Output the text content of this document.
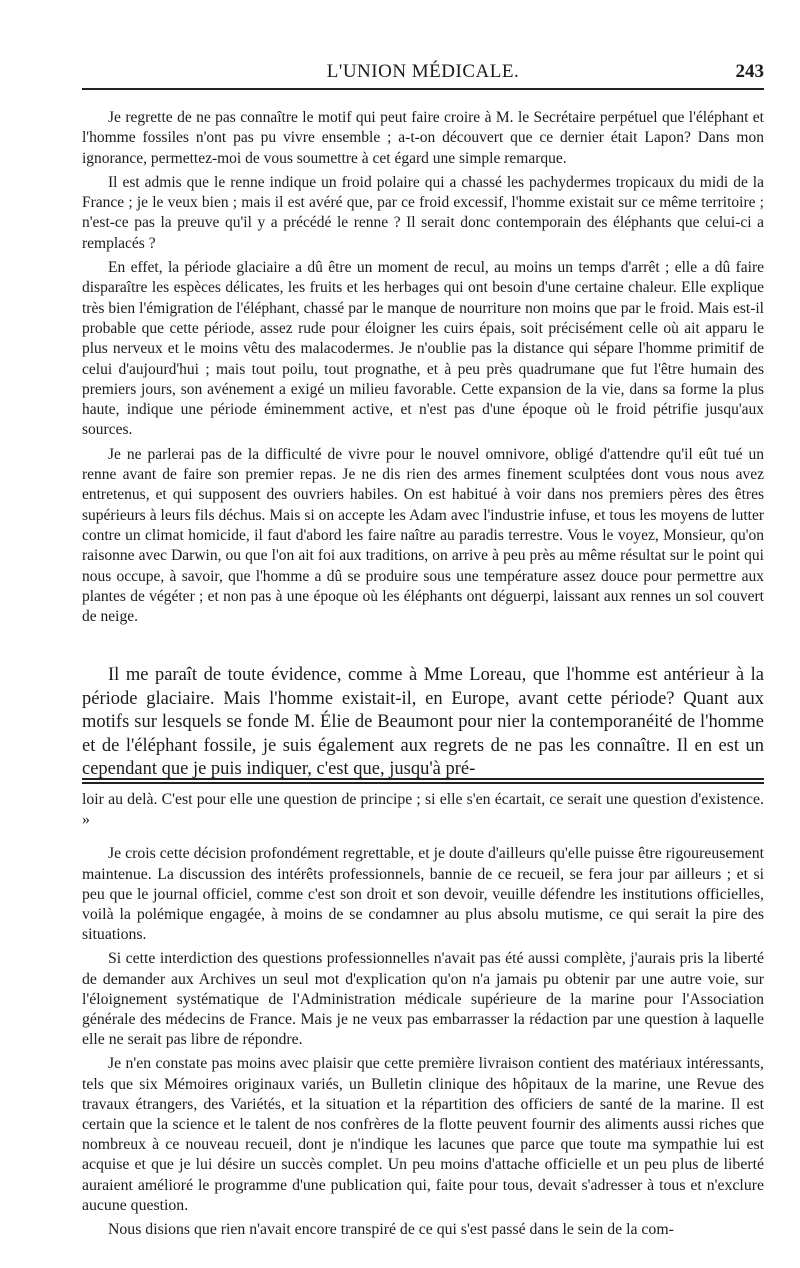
L'UNION MÉDICALE.	243

Je regrette de ne pas connaître le motif qui peut faire croire à M. le Secrétaire perpétuel que l'éléphant et l'homme fossiles n'ont pas pu vivre ensemble ; a-t-on découvert que ce dernier était Lapon? Dans mon ignorance, permettez-moi de vous soumettre à cet égard une simple remarque.

Il est admis que le renne indique un froid polaire qui a chassé les pachydermes tropicaux du midi de la France ; je le veux bien ; mais il est avéré que, par ce froid excessif, l'homme existait sur ce même territoire ; n'est-ce pas la preuve qu'il y a précédé le renne ? Il serait donc contemporain des éléphants que celui-ci a remplacés ?

En effet, la période glaciaire a dû être un moment de recul, au moins un temps d'arrêt ; elle a dû faire disparaître les espèces délicates, les fruits et les herbages qui ont besoin d'une certaine chaleur. Elle explique très bien l'émigration de l'éléphant, chassé par le manque de nourriture non moins que par le froid. Mais est-il probable que cette période, assez rude pour éloigner les cuirs épais, soit précisément celle où ait apparu le plus nerveux et le moins vêtu des malacodermes. Je n'oublie pas la distance qui sépare l'homme primitif de celui d'aujourd'hui ; mais tout poilu, tout prognathe, et à peu près quadrumane que fut l'être humain des premiers jours, son avénement a exigé un milieu favorable. Cette expansion de la vie, dans sa forme la plus haute, indique une période éminemment active, et n'est pas d'une époque où le froid pétrifie jusqu'aux sources.

Je ne parlerai pas de la difficulté de vivre pour le nouvel omnivore, obligé d'attendre qu'il eût tué un renne avant de faire son premier repas. Je ne dis rien des armes finement sculptées dont vous nous avez entretenus, et qui supposent des ouvriers habiles. On est habitué à voir dans nos premiers pères des êtres supérieurs à leurs fils déchus. Mais si on accepte les Adam avec l'industrie infuse, et tous les moyens de lutter contre un climat homicide, il faut d'abord les faire naître au paradis terrestre. Vous le voyez, Monsieur, qu'on raisonne avec Darwin, ou que l'on ait foi aux traditions, on arrive à peu près au même résultat sur le point qui nous occupe, à savoir, que l'homme a dû se produire sous une température assez douce pour permettre aux plantes de végéter ; et non pas à une époque où les éléphants ont déguerpi, laissant aux rennes un sol couvert de neige.

Il me paraît de toute évidence, comme à Mme Loreau, que l'homme est antérieur à la période glaciaire. Mais l'homme existait-il, en Europe, avant cette période? Quant aux motifs sur lesquels se fonde M. Élie de Beaumont pour nier la contemporanéité de l'homme et de l'éléphant fossile, je suis également aux regrets de ne pas les connaître. Il en est un cependant que je puis indiquer, c'est que, jusqu'à pré-

loir au delà. C'est pour elle une question de principe ; si elle s'en écartait, ce serait une question d'existence. »

Je crois cette décision profondément regrettable, et je doute d'ailleurs qu'elle puisse être rigoureusement maintenue. La discussion des intérêts professionnels, bannie de ce recueil, se fera jour par ailleurs ; et si peu que le journal officiel, comme c'est son droit et son devoir, veuille défendre les institutions officielles, voilà la polémique engagée, à moins de se condamner au plus absolu mutisme, ce qui serait la pire des situations.

Si cette interdiction des questions professionnelles n'avait pas été aussi complète, j'aurais pris la liberté de demander aux Archives un seul mot d'explication qu'on n'a jamais pu obtenir par une autre voie, sur l'éloignement systématique de l'Administration médicale supérieure de la marine pour l'Association générale des médecins de France. Mais je ne veux pas embarrasser la rédaction par une question à laquelle elle ne serait pas libre de répondre.

Je n'en constate pas moins avec plaisir que cette première livraison contient des matériaux intéressants, tels que six Mémoires originaux variés, un Bulletin clinique des hôpitaux de la marine, une Revue des travaux étrangers, des Variétés, et la situation et la répartition des officiers de santé de la marine. Il est certain que la science et le talent de nos confrères de la flotte peuvent fournir des aliments aussi riches que nombreux à ce nouveau recueil, dont je n'indique les lacunes que parce que toute ma sympathie lui est acquise et que je lui désire un succès complet. Un peu moins d'attache officielle et un peu plus de liberté auraient amélioré le programme d'une publication qui, faite pour tous, devait s'adresser à tous et n'exclure aucune question.

Nous disions que rien n'avait encore transpiré de ce qui s'est passé dans le sein de la com-
